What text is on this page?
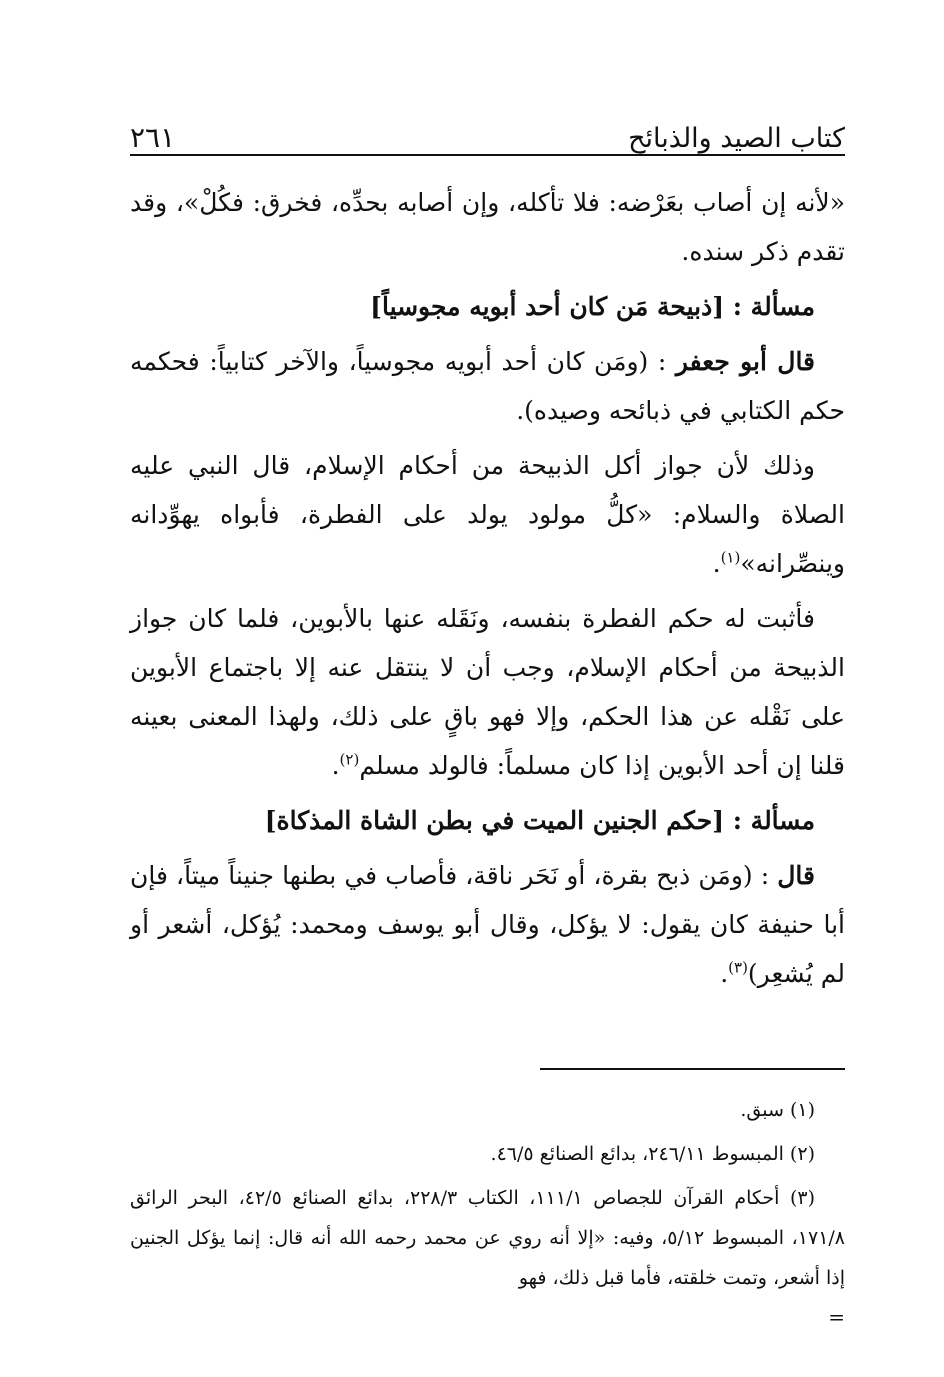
كتاب الصيد والذبائح
٢٦١

«لأنه إن أصاب بعَرْضه: فلا تأكله، وإن أصابه بحدِّه، فخرق: فكُلْ»، وقد تقدم ذكر سنده.

مسألة : [ذبيحة مَن كان أحد أبويه مجوسياً]

قال أبو جعفر : (ومَن كان أحد أبويه مجوسياً، والآخر كتابياً: فحكمه حكم الكتابي في ذبائحه وصيده).

وذلك لأن جواز أكل الذبيحة من أحكام الإسلام، قال النبي عليه الصلاة والسلام: «كلُّ مولود يولد على الفطرة، فأبواه يهوِّدانه وينصِّرانه»$^{(١)}$.

فأثبت له حكم الفطرة بنفسه، ونَقَله عنها بالأبوين، فلما كان جواز الذبيحة من أحكام الإسلام، وجب أن لا ينتقل عنه إلا باجتماع الأبوين على نَقْله عن هذا الحكم، وإلا فهو باقٍ على ذلك، ولهذا المعنى بعينه قلنا إن أحد الأبوين إذا كان مسلماً: فالولد مسلم$^{(٢)}$.

مسألة : [حكم الجنين الميت في بطن الشاة المذكاة]

قال : (ومَن ذبح بقرة، أو نَحَر ناقة، فأصاب في بطنها جنيناً ميتاً، فإن أبا حنيفة كان يقول: لا يؤكل، وقال أبو يوسف ومحمد: يُؤكل، أشعر أو لم يُشعِر)$^{(٣)}$.

(١) سبق.

(٢) المبسوط ٢٤٦/١١، بدائع الصنائع ٤٦/٥.

(٣) أحكام القرآن للجصاص ١١١/١، الكتاب ٢٢٨/٣، بدائع الصنائع ٤٢/٥، البحر الرائق ١٧١/٨، المبسوط ٥/١٢، وفيه: «إلا أنه روي عن محمد رحمه الله أنه قال: إنما يؤكل الجنين إذا أشعر، وتمت خلقته، فأما قبل ذلك، فهو

=
